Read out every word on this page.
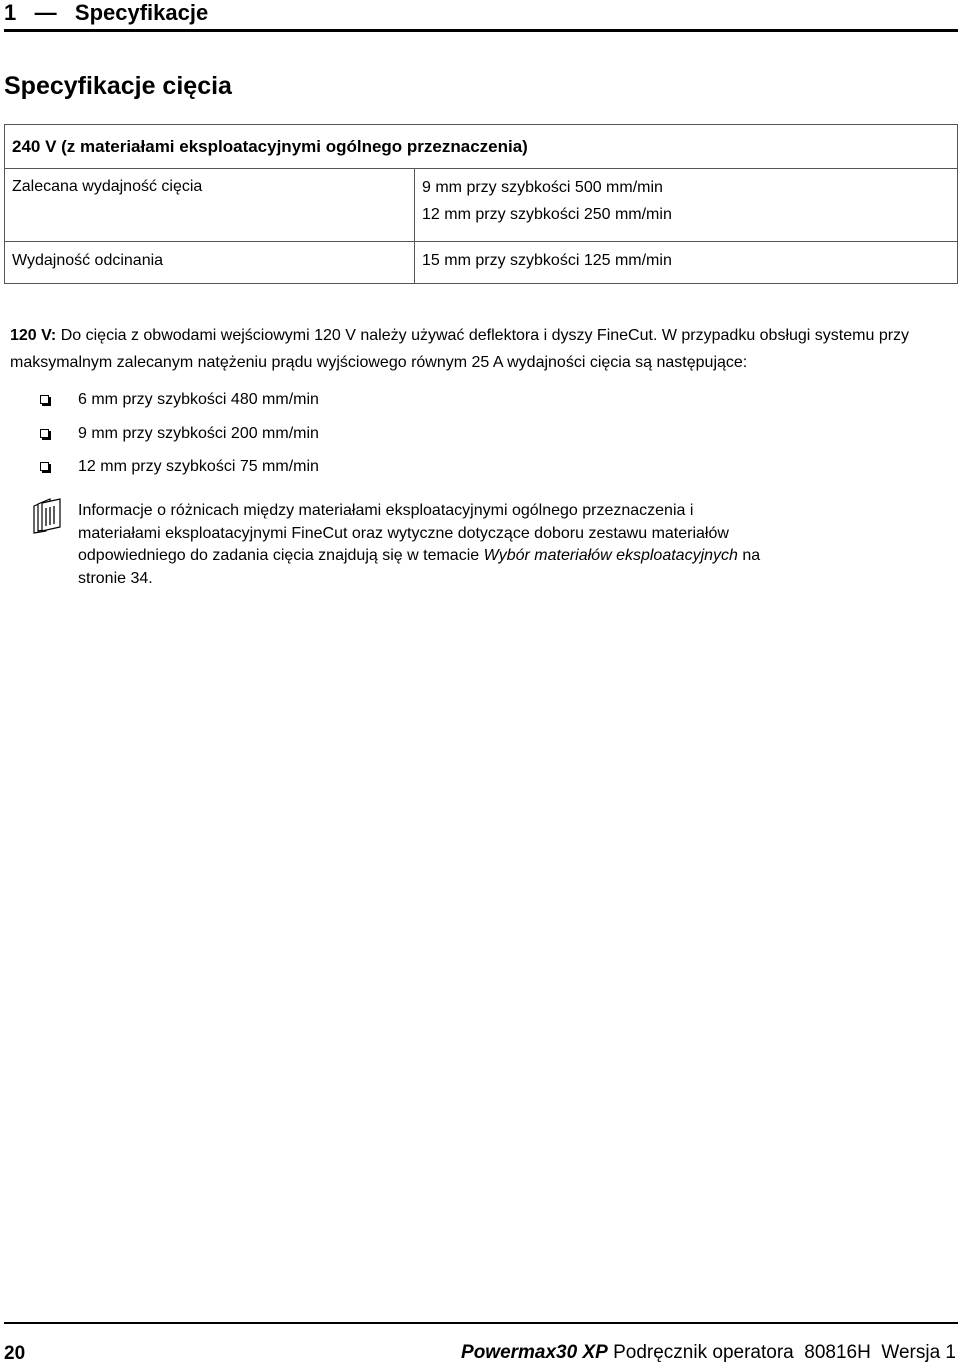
1   —   Specyfikacje
Specyfikacje cięcia
240 V (z materiałami eksploatacyjnymi ogólnego przeznaczenia)
Zalecana wydajność cięcia	9 mm przy szybkości 500 mm/min
12 mm przy szybkości 250 mm/min
Wydajność odcinania	15 mm przy szybkości 125 mm/min
120 V: Do cięcia z obwodami wejściowymi 120 V należy używać deflektora i dyszy FineCut. W przypadku obsługi systemu przy maksymalnym zalecanym natężeniu prądu wyjściowego równym 25 A wydajności cięcia są następujące:
6 mm przy szybkości 480 mm/min
9 mm przy szybkości 200 mm/min
12 mm przy szybkości 75 mm/min
Informacje o różnicach między materiałami eksploatacyjnymi ogólnego przeznaczenia i materiałami eksploatacyjnymi FineCut oraz wytyczne dotyczące doboru zestawu materiałów odpowiedniego do zadania cięcia znajdują się w temacie Wybór materiałów eksploatacyjnych na stronie 34.
20	Powermax30 XP Podręcznik operatora  80816H  Wersja 1
